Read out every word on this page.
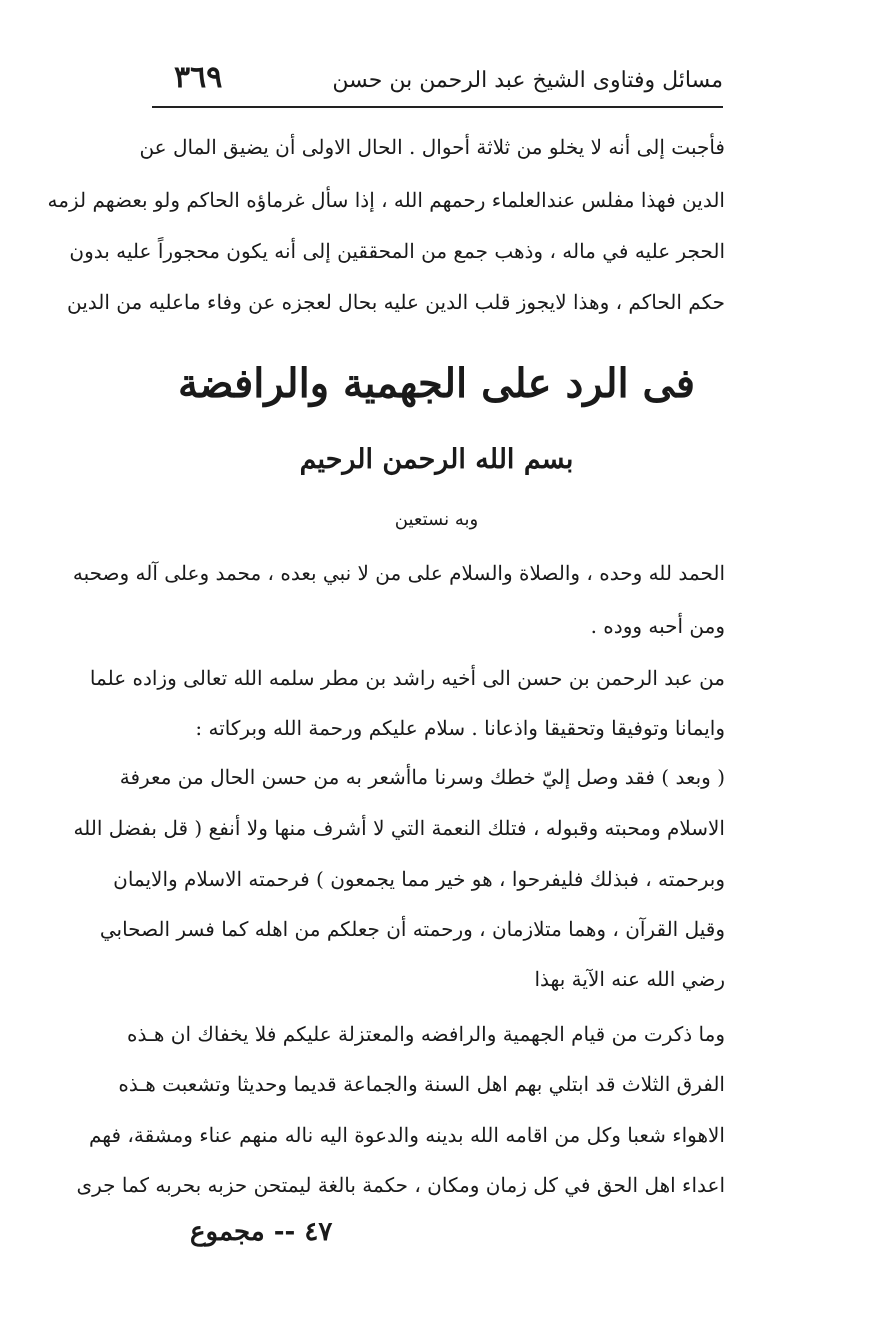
مسائل وفتاوى الشيخ عبد الرحمن بن حسن
٣٦٩
فأجبت إلى أنه لا يخلو من ثلاثة أحوال . الحال الاولى أن يضيق المال عن
الدين فهذا مفلس عندالعلماء رحمهم الله ، إذا سأل غرماؤه الحاكم ولو بعضهم لزمه
الحجر عليه في ماله ، وذهب جمع من المحققين إلى أنه يكون محجوراً عليه بدون
حكم الحاكم ، وهذا لايجوز قلب الدين عليه بحال لعجزه عن وفاء ماعليه من الدين
فى الرد على الجهمية والرافضة
بسم الله الرحمن الرحيم
وبه نستعين
الحمد لله وحده ، والصلاة والسلام على من لا نبي بعده ، محمد وعلى آله وصحبه
ومن أحبه ووده .
من عبد الرحمن بن حسن الى أخيه راشد بن مطر سلمه الله تعالى وزاده علما
وايمانا وتوفيقا وتحقيقا واذعانا . سلام عليكم ورحمة الله وبركاته :
( وبعد ) فقد وصل إليّ خطك وسرنا ماأشعر به من حسن الحال من معرفة
الاسلام ومحبته وقبوله ، فتلك النعمة التي لا أشرف منها ولا أنفع ( قل بفضل الله
وبرحمته ، فبذلك فليفرحوا ، هو خير مما يجمعون ) فرحمته الاسلام والايمان
وقيل القرآن ، وهما متلازمان ، ورحمته أن جعلكم من اهله كما فسر الصحابي
رضي الله عنه الآية بهذا
وما ذكرت من قيام الجهمية والرافضه والمعتزلة عليكم فلا يخفاك ان هـذه
الفرق الثلاث قد ابتلي بهم اهل السنة والجماعة قديما وحديثا وتشعبت هـذه
الاهواء شعبا وكل من اقامه الله بدينه والدعوة اليه ناله منهم عناء ومشقة، فهم
اعداء اهل الحق في كل زمان ومكان ، حكمة بالغة ليمتحن حزبه بحربه كما جرى
٤٧ -- مجموع
